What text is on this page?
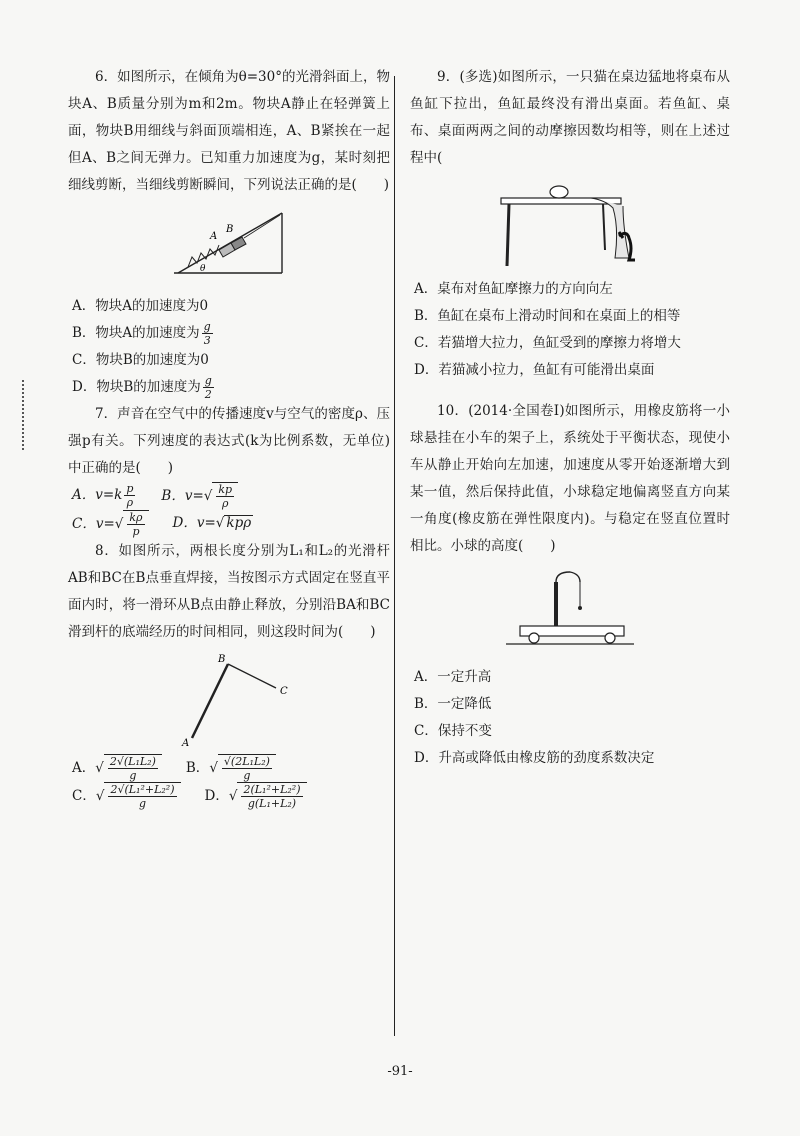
6．如图所示，在倾角为θ=30°的光滑斜面上，物块A、B质量分别为m和2m。物块A静止在轻弹簧上面，物块B用细线与斜面顶端相连，A、B紧挨在一起但A、B之间无弹力。已知重力加速度为g，某时刻把细线剪断，当细线剪断瞬间，下列说法正确的是(　　)

A
B
θ

A．物块A的加速度为0

B．物块A的加速度为 $\frac{g}{3}$

C．物块B的加速度为0

D．物块B的加速度为 $\frac{g}{2}$

7．声音在空气中的传播速度v与空气的密度ρ、压强p有关。下列速度的表达式(k为比例系数，无单位)中正确的是(　　)

A．$v=k \frac{p}{\rho}$ B．$v=√ \frac{kp}{\rho}$

C．$v=√ \frac{k\rho}{p}$ D．v=√ kpρ

8．如图所示，两根长度分别为L₁和L₂的光滑杆AB和BC在B点垂直焊接，当按图示方式固定在竖直平面内时，将一滑环从B点由静止释放，分别沿BA和BC滑到杆的底端经历的时间相同，则这段时间为(　　)

A
B
C

A．√ $\frac{\text{2√(L₁L₂)}}{g}$ B．√ $\frac{\text{√(2L₁L₂)}}{g}$

C．√ $\frac{\text{2√(L₁²+L₂²)}}{g}$ D．√ $\frac{\text{2(L₁²+L₂²)}}{\text{g(L₁+L₂)}}$

9．(多选)如图所示，一只猫在桌边猛地将桌布从鱼缸下拉出，鱼缸最终没有滑出桌面。若鱼缸、桌布、桌面两两之间的动摩擦因数均相等，则在上述过程中(

A．桌布对鱼缸摩擦力的方向向左

B．鱼缸在桌布上滑动时间和在桌面上的相等

C．若猫增大拉力，鱼缸受到的摩擦力将增大

D．若猫减小拉力，鱼缸有可能滑出桌面

10．(2014·全国卷Ⅰ)如图所示，用橡皮筋将一小球悬挂在小车的架子上，系统处于平衡状态，现使小车从静止开始向左加速，加速度从零开始逐渐增大到某一值，然后保持此值，小球稳定地偏离竖直方向某一角度(橡皮筋在弹性限度内)。与稳定在竖直位置时相比。小球的高度(　　)

A．一定升高

B．一定降低

C．保持不变

D．升高或降低由橡皮筋的劲度系数决定

-91-
